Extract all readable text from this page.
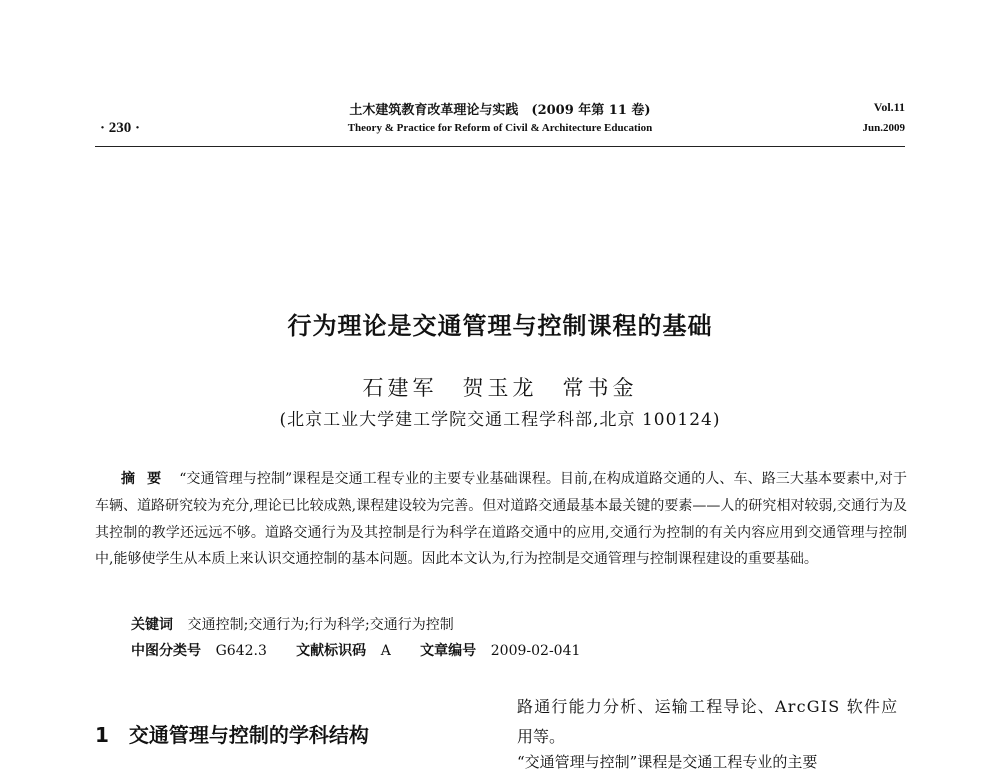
· 230 ·
土木建筑教育改革理论与实践　(2009 年第 11 卷)
Theory & Practice for Reform of Civil & Architecture Education
Vol.11
Jun.2009
行为理论是交通管理与控制课程的基础
石建军　贺玉龙　常书金
(北京工业大学建工学院交通工程学科部,北京 100124)
摘要 “交通管理与控制”课程是交通工程专业的主要专业基础课程。目前,在构成道路交通的人、车、路三大基本要素中,对于车辆、道路研究较为充分,理论已比较成熟,课程建设较为完善。但对道路交通最基本最关键的要素——人的研究相对较弱,交通行为及其控制的教学还远远不够。道路交通行为及其控制是行为科学在道路交通中的应用,交通行为控制的有关内容应用到交通管理与控制中,能够使学生从本质上来认识交通控制的基本问题。因此本文认为,行为控制是交通管理与控制课程建设的重要基础。
关键词 交通控制;交通行为;行为科学;交通行为控制
中图分类号 G642.3 文献标识码 A 文章编号 2009-02-041
1 交通管理与控制的学科结构
路通行能力分析、运输工程导论、ArcGIS 软件应
用等。
“交通管理与控制”课程是交通工程专业的主要
